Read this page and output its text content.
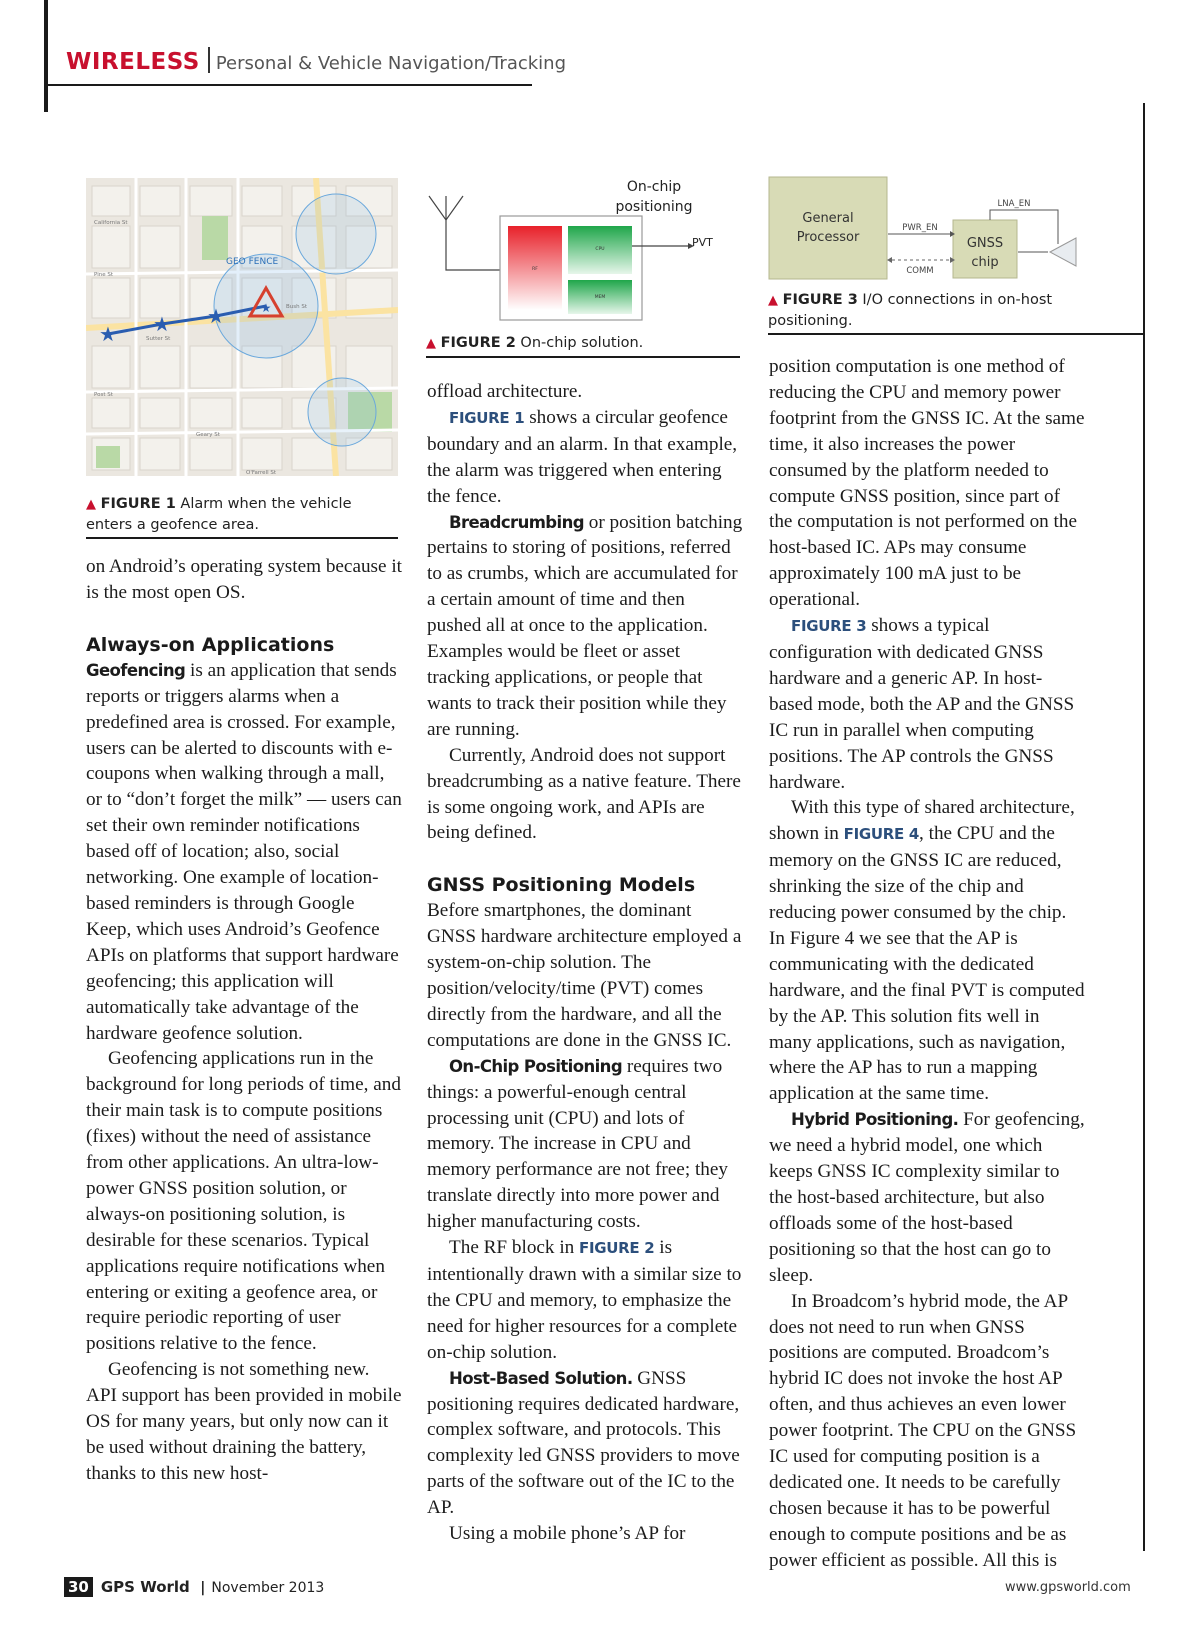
WIRELESS Personal & Vehicle Navigation/Tracking
GEO FENCE
California St
Pine St
Bush St
Sutter St
Post St
Geary St
O'Farrell St
★ ★ ★	★
▲ FIGURE 1 Alarm when the vehicle enters a geofence area.
On-chip
positioning
RF
CPU
MEM
PVT
▲ FIGURE 2 On-chip solution.
General
Processor	GNSS
chip
PWR_EN
COMM
LNA_EN
▲ FIGURE 3 I/O connections in on-host positioning.

on Android’s operating system because it is the most open OS.

Always-on Applications

Geofencing is an application that sends reports or triggers alarms when a predefined area is crossed. For example, users can be alerted to discounts with e-coupons when walking through a mall, or to “don’t forget the milk” — users can set their own reminder notifications based off of location; also, social networking. One example of location-based reminders is through Google Keep, which uses Android’s Geofence APIs on platforms that support hardware geofencing; this application will automatically take advantage of the hardware geofence solution.

Geofencing applications run in the background for long periods of time, and their main task is to compute positions (fixes) without the need of assistance from other applications. An ultra-low-power GNSS position solution, or always-on positioning solution, is desirable for these scenarios. Typical applications require notifications when entering or exiting a geofence area, or require periodic reporting of user positions relative to the fence.

Geofencing is not something new. API support has been provided in mobile OS for many years, but only now can it be used without draining the battery, thanks to this new host-

offload architecture.

FIGURE 1 shows a circular geofence boundary and an alarm. In that example, the alarm was triggered when entering the fence.

Breadcrumbing or position batching pertains to storing of positions, referred to as crumbs, which are accumulated for a certain amount of time and then pushed all at once to the application. Examples would be fleet or asset tracking applications, or people that wants to track their position while they are running.

Currently, Android does not support breadcrumbing as a native feature. There is some ongoing work, and APIs are being defined.

GNSS Positioning Models

Before smartphones, the dominant GNSS hardware architecture employed a system-on-chip solution. The position/velocity/time (PVT) comes directly from the hardware, and all the computations are done in the GNSS IC.

On-Chip Positioning requires two things: a powerful-enough central processing unit (CPU) and lots of memory. The increase in CPU and memory performance are not free; they translate directly into more power and higher manufacturing costs.

The RF block in FIGURE 2 is intentionally drawn with a similar size to the CPU and memory, to emphasize the need for higher resources for a complete on-chip solution.

Host-Based Solution. GNSS positioning requires dedicated hardware, complex software, and protocols. This complexity led GNSS providers to move parts of the software out of the IC to the AP.

Using a mobile phone’s AP for

position computation is one method of reducing the CPU and memory power footprint from the GNSS IC. At the same time, it also increases the power consumed by the platform needed to compute GNSS position, since part of the computation is not performed on the host-based IC. APs may consume approximately 100 mA just to be operational.

FIGURE 3 shows a typical configuration with dedicated GNSS hardware and a generic AP. In host-based mode, both the AP and the GNSS IC run in parallel when computing positions. The AP controls the GNSS hardware.

With this type of shared architecture, shown in FIGURE 4, the CPU and the memory on the GNSS IC are reduced, shrinking the size of the chip and reducing power consumed by the chip. In Figure 4 we see that the AP is communicating with the dedicated hardware, and the final PVT is computed by the AP. This solution fits well in many applications, such as navigation, where the AP has to run a mapping application at the same time.

Hybrid Positioning. For geofencing, we need a hybrid model, one which keeps GNSS IC complexity similar to the host-based architecture, but also offloads some of the host-based positioning so that the host can go to sleep.

In Broadcom’s hybrid mode, the AP does not need to run when GNSS positions are computed. Broadcom’s hybrid IC does not invoke the host AP often, and thus achieves an even lower power footprint. The CPU on the GNSS IC used for computing position is a dedicated one. It needs to be carefully chosen because it has to be powerful enough to compute positions and be as power efficient as possible. All this is

30 GPS World | November 2013	www.gpsworld.com
